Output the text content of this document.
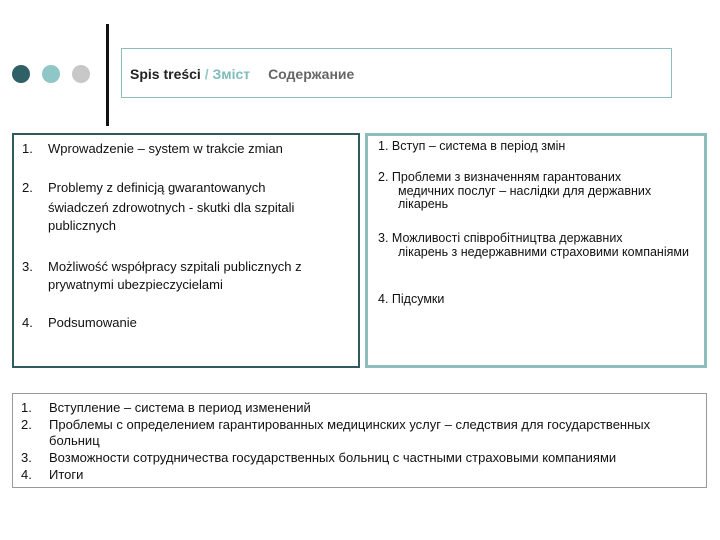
Spis treści / Зміст Содержание
1. Wprowadzenie – system w trakcie zmian
2. Problemy z definicją gwarantowanych
świadczeń zdrowotnych - skutki dla szpitali publicznych
3. Możliwość współpracy szpitali publicznych z prywatnymi ubezpieczycielami
4. Podsumowanie
1. Вступ – система в період змін
2. Проблеми з визначенням гарантованих
медичних послуг – наслідки для державних лікарень
3. Можливості співробітництва державних
лікарень з недержавними страховими компаніями
4. Підсумки
1. Вступление – система в период изменений
2. Проблемы с определением гарантированных медицинских услуг – следствия для государственных больниц
3. Возможности сотрудничества государственных больниц с частными страховыми компаниями
4. Итоги
